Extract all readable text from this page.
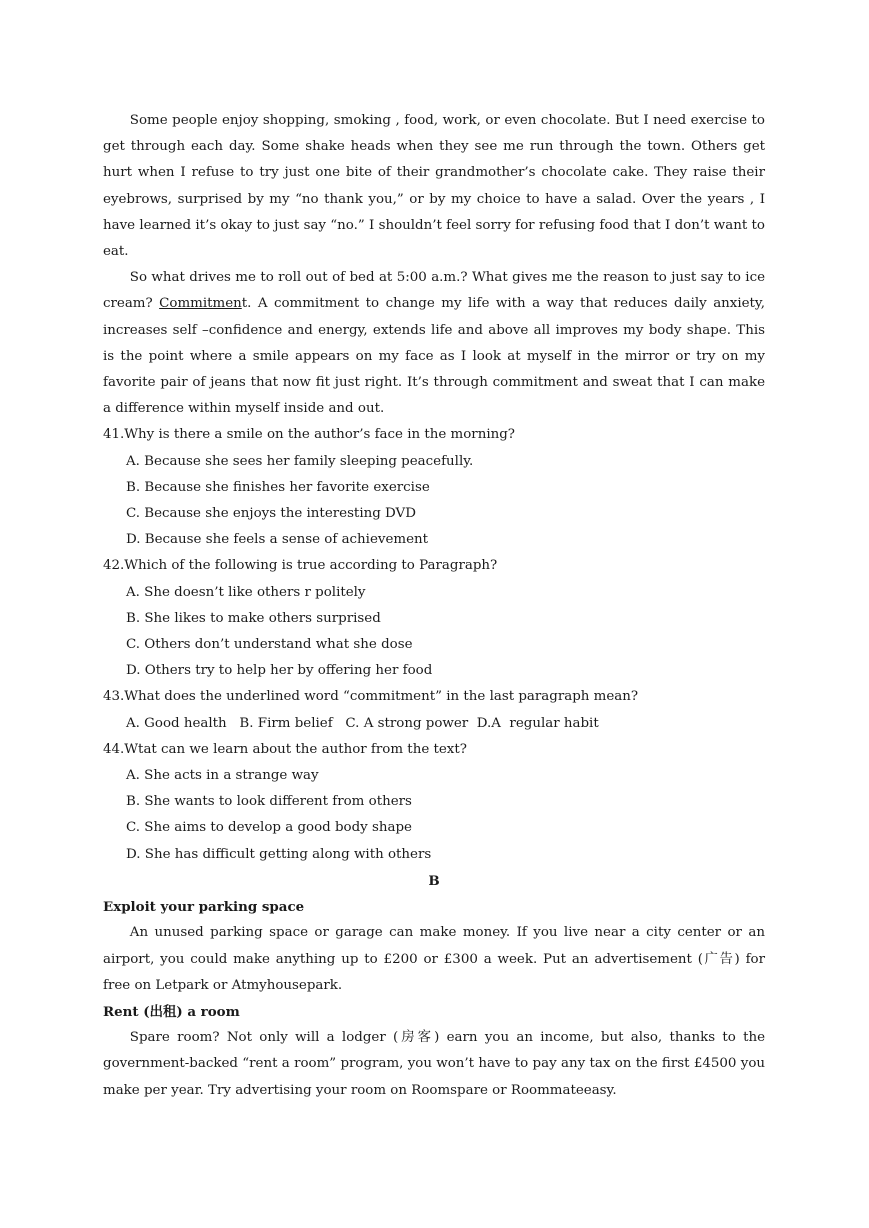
Some people enjoy shopping, smoking , food, work, or even chocolate. But I need exercise to get through each day. Some shake heads when they see me run through the town. Others get hurt when I refuse to try just one bite of their grandmother’s chocolate cake. They raise their eyebrows, surprised by my “no thank you,” or by my choice to have a salad. Over the years , I have learned it’s okay to just say “no.” I shouldn’t feel sorry for refusing food that I don’t want to eat.

So what drives me to roll out of bed at 5:00 a.m.? What gives me the reason to just say to ice cream? Commitment. A commitment to change my life with a way that reduces daily anxiety, increases self –confidence and energy, extends life and above all improves my body shape. This is the point where a smile appears on my face as I look at myself in the mirror or try on my favorite pair of jeans that now fit just right. It’s through commitment and sweat that I can make a difference within myself inside and out.

41.Why is there a smile on the author’s face in the morning?

A. Because she sees her family sleeping peacefully.

B. Because she finishes her favorite exercise

C. Because she enjoys the interesting DVD

D. Because she feels a sense of achievement

42.Which of the following is true according to Paragraph?

A. She doesn’t like others r politely

B. She likes to make others surprised

C. Others don’t understand what she dose

D. Others try to help her by offering her food

43.What does the underlined word “commitment” in the last paragraph mean?

A. Good health   B. Firm belief   C. A strong power  D.A  regular habit

44.Wtat can we learn about the author from the text?

A. She acts in a strange way

B. She wants to look different from others

C. She aims to develop a good body shape

D. She has difficult getting along with others

B

Exploit your parking space

An unused parking space or garage can make money. If you live near a city center or an airport, you could make anything up to £200 or £300 a week. Put an advertisement (广告) for free on Letpark or Atmyhousepark.

Rent (出租) a room

Spare room? Not only will a lodger (房客) earn you an income, but also, thanks to the government-backed “rent a room” program, you won’t have to pay any tax on the first £4500 you make per year. Try advertising your room on Roomspare or Roommateeasy.
